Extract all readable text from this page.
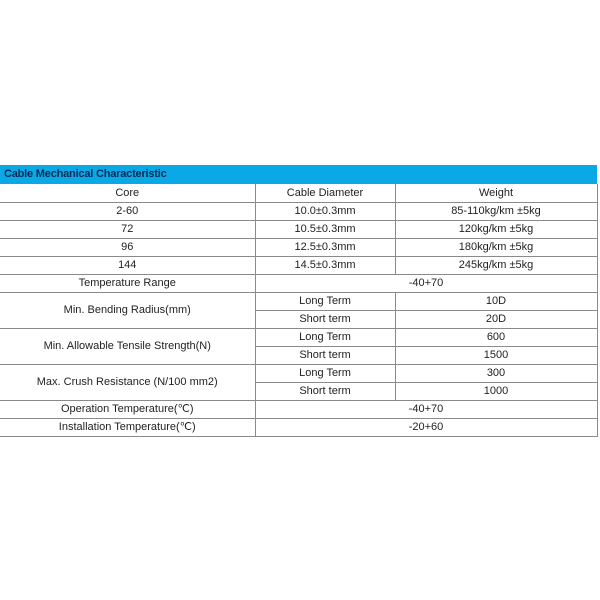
Cable Mechanical Characteristic
Core	Cable Diameter	Weight
2-60	10.0±0.3mm	85-110kg/km ±5kg
72	10.5±0.3mm	120kg/km ±5kg
96	12.5±0.3mm	180kg/km ±5kg
144	14.5±0.3mm	245kg/km ±5kg
Temperature Range	-40+70	
Min. Bending Radius(mm)	Long Term	10D
	Short term	20D
Min. Allowable Tensile Strength(N)	Long Term	600
	Short term	1500
Max. Crush Resistance (N/100 mm2)	Long Term	300
	Short term	1000
Operation Temperature(℃)	-40+70	
Installation Temperature(℃)	-20+60	
